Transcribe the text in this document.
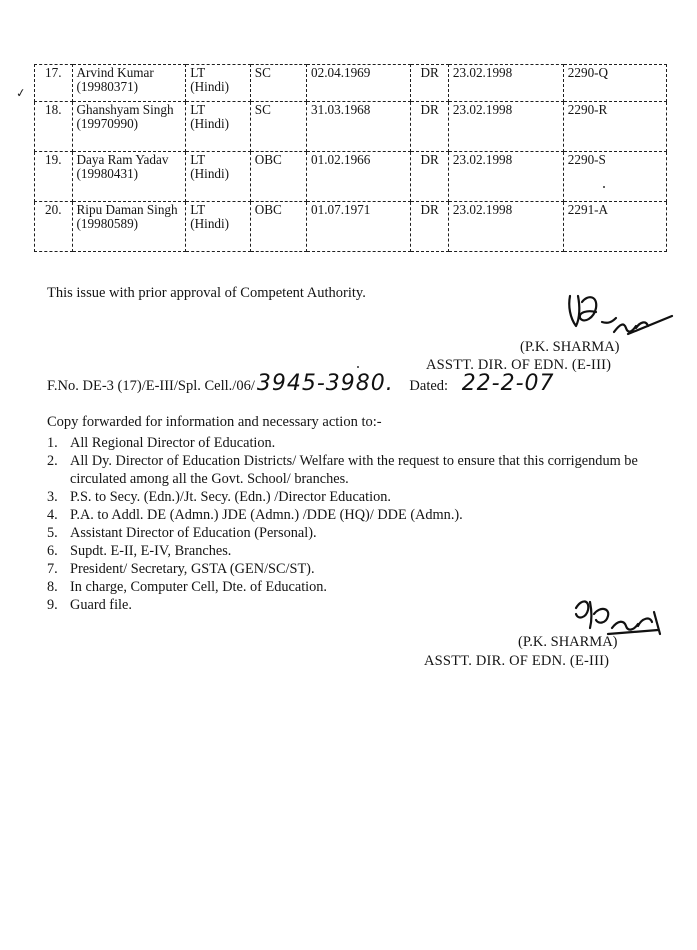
✓
17.	Arvind Kumar (19980371)	LT (Hindi)	SC	02.04.1969	DR	23.02.1998	2290-Q
18.	Ghanshyam Singh (19970990)	LT (Hindi)	SC	31.03.1968	DR	23.02.1998	2290-R
19.	Daya Ram Yadav (19980431)	LT (Hindi)	OBC	01.02.1966	DR	23.02.1998	2290-S
20.	Ripu Daman Singh (19980589)	LT (Hindi)	OBC	01.07.1971	DR	23.02.1998	2291-A
This issue with prior approval of Competent Authority.
(P.K. SHARMA)
ASSTT. DIR. OF EDN. (E-III)
F.No. DE-3 (17)/E-III/Spl. Cell./06/3945-3980. Dated: 22-2-07
Copy forwarded for information and necessary action to:-
1. All Regional Director of Education.
2. All Dy. Director of Education Districts/ Welfare with the request to ensure that this corrigendum be circulated among all the Govt. School/ branches.
3. P.S. to Secy. (Edn.)/Jt. Secy. (Edn.) /Director Education.
4. P.A. to Addl. DE (Admn.) JDE (Admn.) /DDE (HQ)/ DDE (Admn.).
5. Assistant Director of Education (Personal).
6. Supdt. E-II, E-IV, Branches.
7. President/ Secretary, GSTA (GEN/SC/ST).
8. In charge, Computer Cell, Dte. of Education.
9. Guard file.
(P.K. SHARMA)
ASSTT. DIR. OF EDN. (E-III)
